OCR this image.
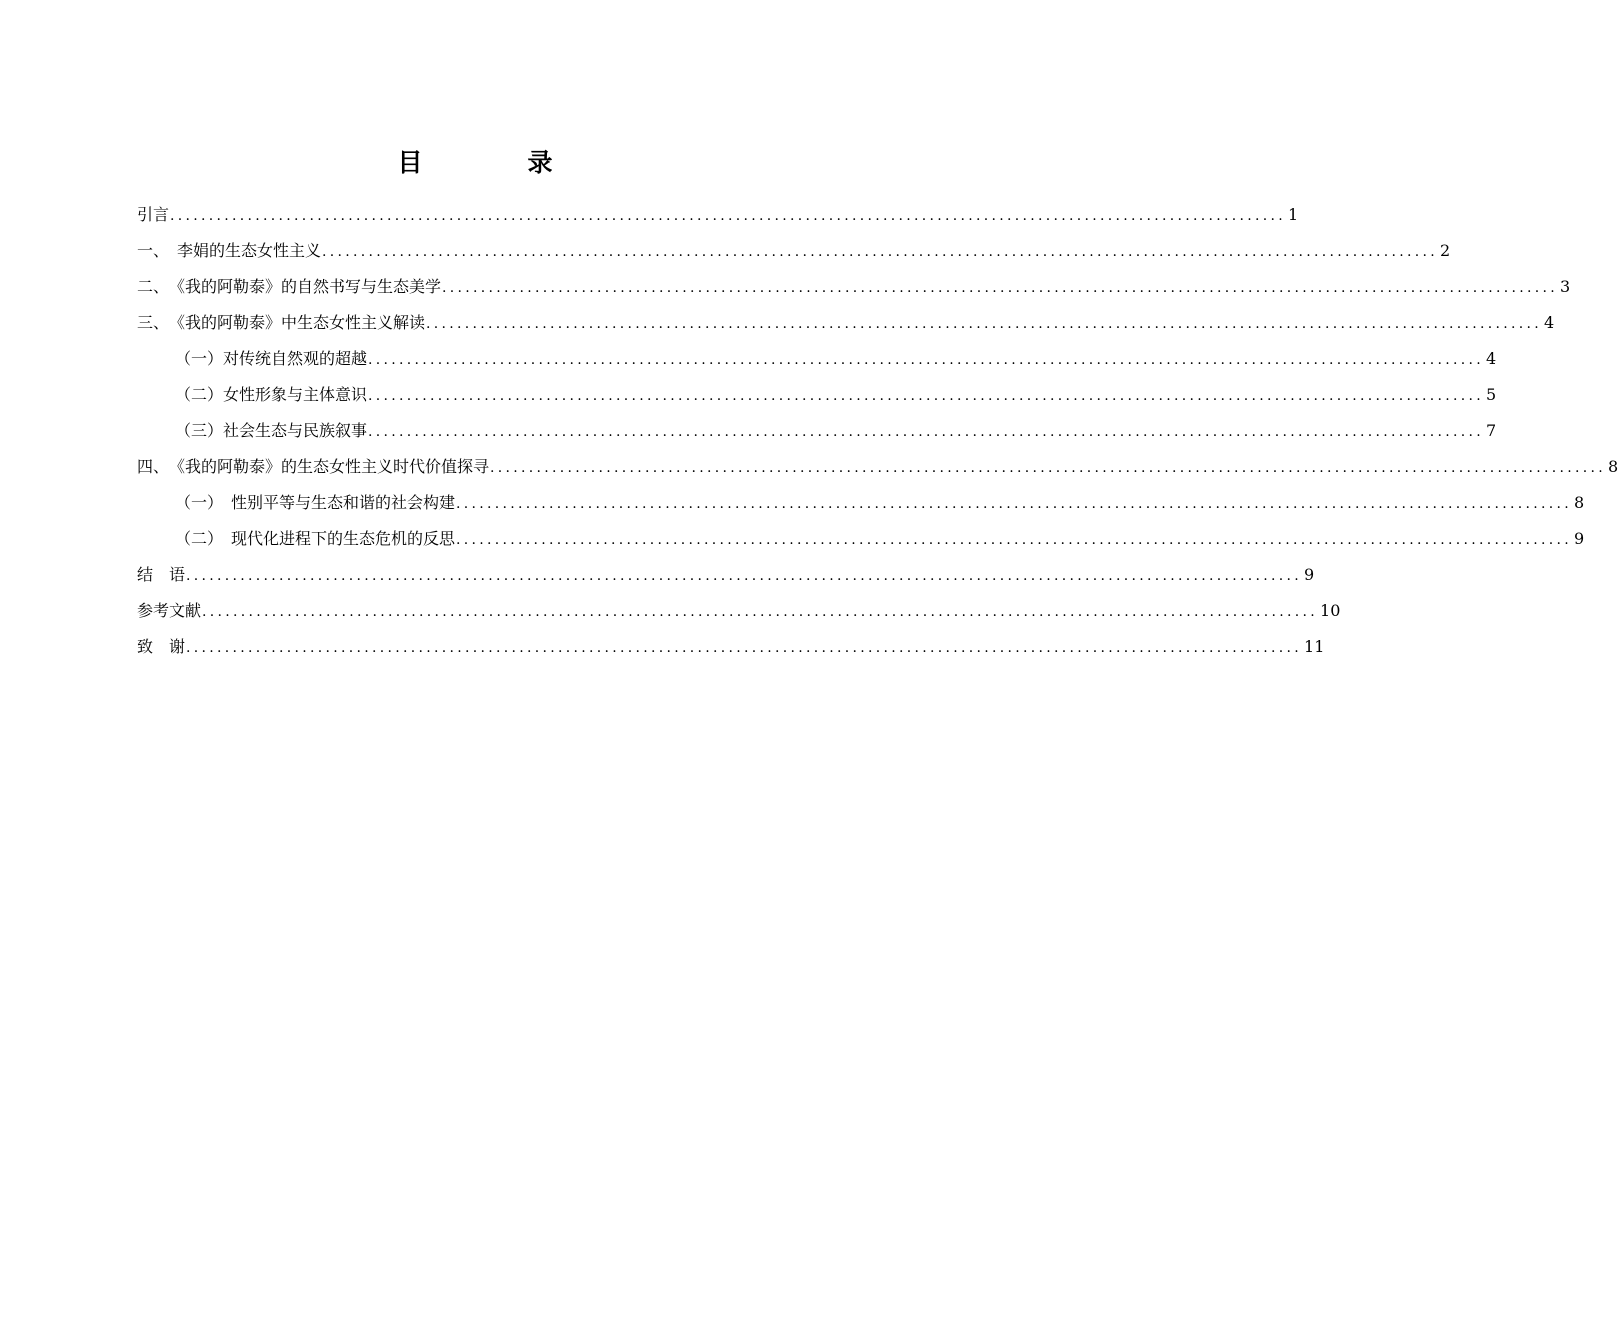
目　录
引言 ................................................................................................................................................ 1
一、　李娟的生态女性主义 ................................................................................................................................................ 2
二、　《我的阿勒泰》的自然书写与生态美学 ................................................................................................................................................ 3
三、　《我的阿勒泰》中生态女性主义解读 ................................................................................................................................................ 4
（一）对传统自然观的超越 ................................................................................................................................................ 4
（二）女性形象与主体意识 ................................................................................................................................................ 5
（三）社会生态与民族叙事 ................................................................................................................................................ 7
四、　《我的阿勒泰》的生态女性主义时代价值探寻 ................................................................................................................................................ 8
（一）　性别平等与生态和谐的社会构建 ................................................................................................................................................ 8
（二）　现代化进程下的生态危机的反思 ................................................................................................................................................ 9
结　语 ................................................................................................................................................ 9
参考文献 ................................................................................................................................................ 10
致　谢 ................................................................................................................................................ 11
